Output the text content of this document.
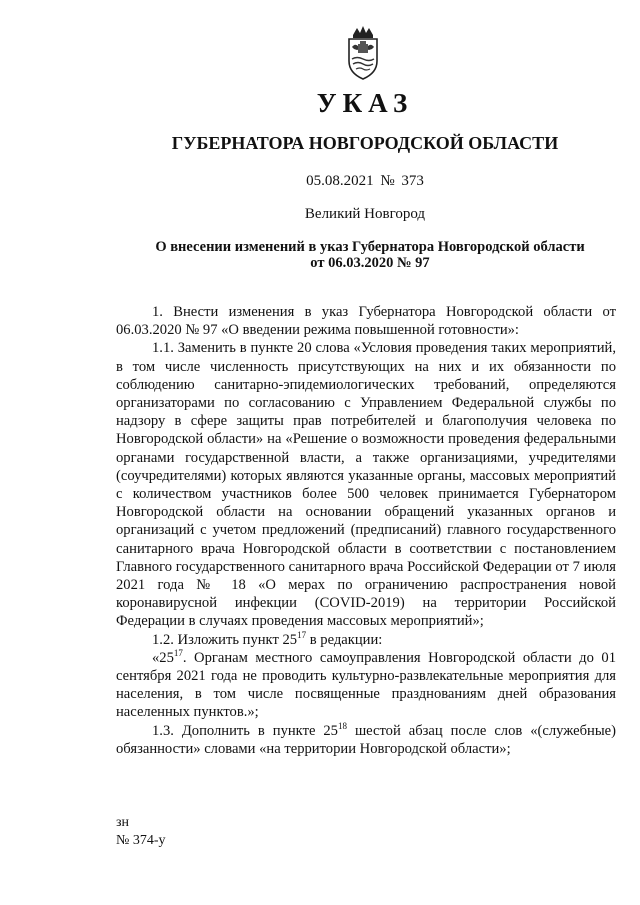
УКАЗ
ГУБЕРНАТОРА НОВГОРОДСКОЙ ОБЛАСТИ
05.08.2021 № 373
Великий Новгород
О внесении изменений в указ Губернатора Новгородской области
от 06.03.2020 № 97

1. Внести изменения в указ Губернатора Новгородской области от 06.03.2020 № 97 «О введении режима повышенной готовности»:

1.1. Заменить в пункте 20 слова «Условия проведения таких мероприятий, в том числе численность присутствующих на них и их обязанности по соблюдению санитарно-эпидемиологических требований, определяются организаторами по согласованию с Управлением Федеральной службы по надзору в сфере защиты прав потребителей и благополучия человека по Новгородской области» на «Решение о возможности проведения федеральными органами государственной власти, а также организациями, учредителями (соучредителями) которых являются указанные органы, массовых мероприятий с количеством участников более 500 человек принимается Губернатором Новгородской области на основании обращений указанных органов и организаций с учетом предложений (предписаний) главного государственного санитарного врача Новгородской области в соответствии с постановлением Главного государственного санитарного врача Российской Федерации от 7 июля 2021 года № 18 «О мерах по ограничению распространения новой коронавирусной инфекции (COVID-2019) на территории Российской Федерации в случаях проведения массовых мероприятий»;

1.2. Изложить пункт $25^{17}$ в редакции:

«$25^{17}$. Органам местного самоуправления Новгородской области до 01 сентября 2021 года не проводить культурно-развлекательные мероприятия для населения, в том числе посвященные празднованиям дней образования населенных пунктов.»;

1.3. Дополнить в пункте $25^{18}$ шестой абзац после слов «(служебные) обязанности» словами «на территории Новгородской области»;

зн
№ 374-у
